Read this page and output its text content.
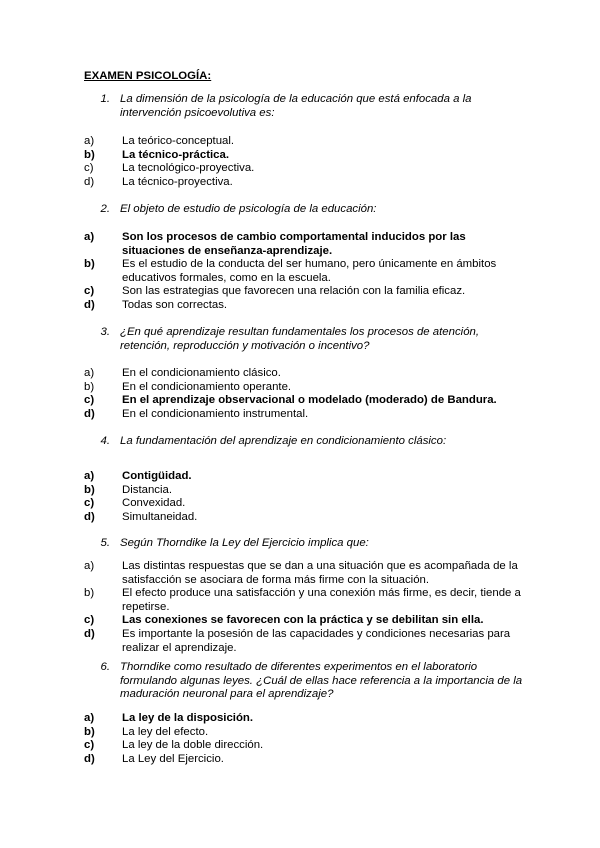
EXAMEN PSICOLOGÍA:
1. La dimensión de la psicología de la educación que está enfocada a la intervención psicoevolutiva es:
a)	La teórico-conceptual.
b)	La técnico-práctica.
c)	La tecnológico-proyectiva.
d)	La técnico-proyectiva.
2. El objeto de estudio de psicología de la educación:
a)	Son los procesos de cambio comportamental inducidos por las situaciones de enseñanza-aprendizaje.
b)	Es el estudio de la conducta del ser humano, pero únicamente en ámbitos educativos formales, como en la escuela.
c)	Son las estrategias que favorecen una relación con la familia eficaz.
d)	Todas son correctas.
3. ¿En qué aprendizaje resultan fundamentales los procesos de atención, retención, reproducción y motivación o incentivo?
a)	En el condicionamiento clásico.
b)	En el condicionamiento operante.
c)	En el aprendizaje observacional o modelado (moderado) de Bandura.
d)	En el condicionamiento instrumental.
4. La fundamentación del aprendizaje en condicionamiento clásico:
a)	Contigüidad.
b)	Distancia.
c)	Convexidad.
d)	Simultaneidad.
5. Según Thorndike la Ley del Ejercicio implica que:
a)	Las distintas respuestas que se dan a una situación que es acompañada de la satisfacción se asociara de forma más firme con la situación.
b)	El efecto produce una satisfacción y una conexión más firme, es decir, tiende a repetirse.
c)	Las conexiones se favorecen con la práctica y se debilitan sin ella.
d)	Es importante la posesión de las capacidades y condiciones necesarias para realizar el aprendizaje.
6. Thorndike como resultado de diferentes experimentos en el laboratorio formulando algunas leyes. ¿Cuál de ellas hace referencia a la importancia de la maduración neuronal para el aprendizaje?
a)	La ley de la disposición.
b)	La ley del efecto.
c)	La ley de la doble dirección.
d)	La Ley del Ejercicio.
